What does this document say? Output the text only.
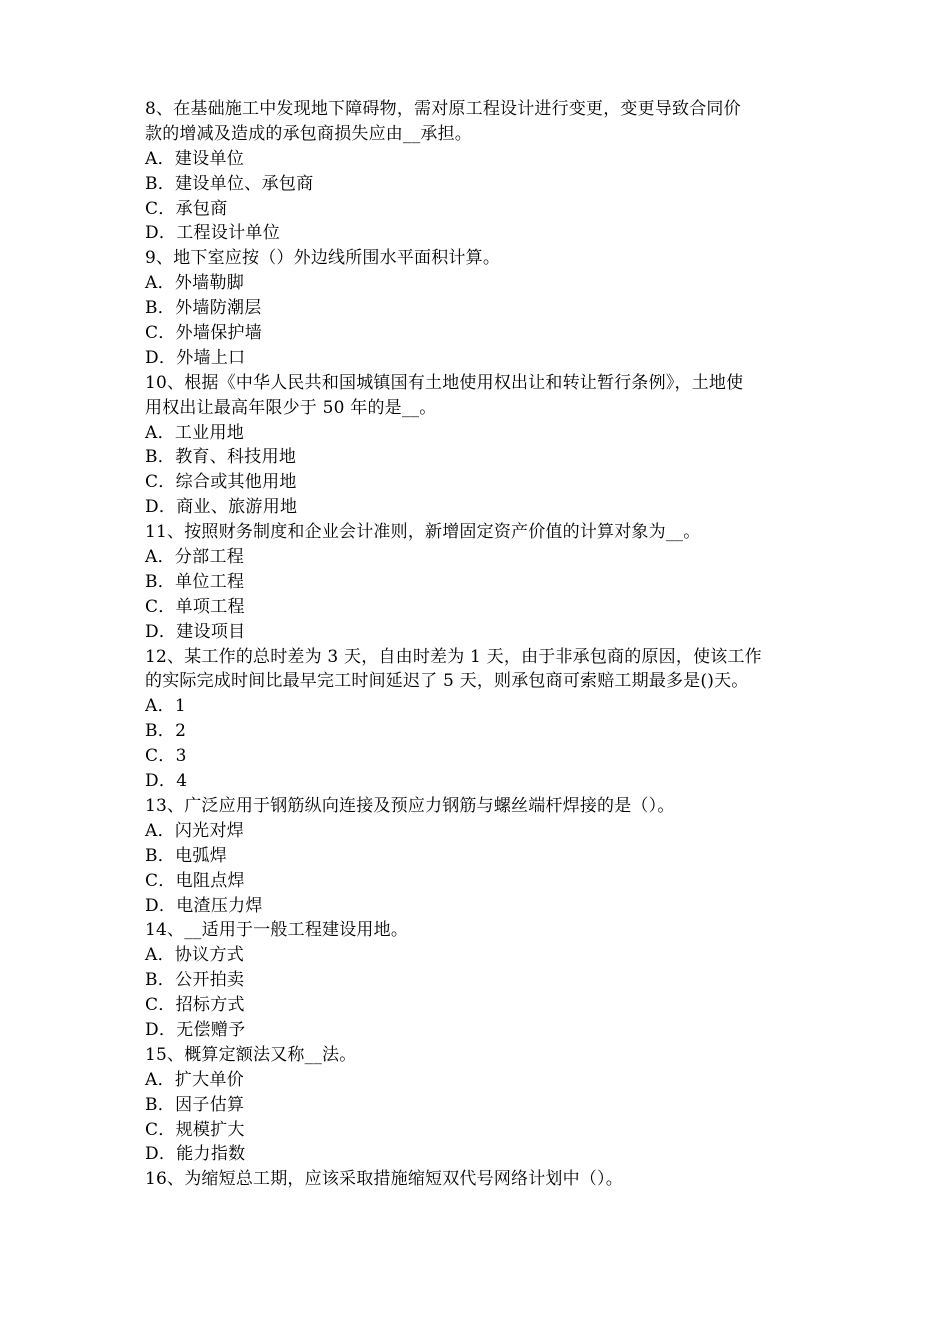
8、在基础施工中发现地下障碍物，需对原工程设计进行变更，变更导致合同价
款的增减及造成的承包商损失应由__承担。
A．建设单位
B．建设单位、承包商
C．承包商
D．工程设计单位
9、地下室应按（）外边线所围水平面积计算。
A．外墙勒脚
B．外墙防潮层
C．外墙保护墙
D．外墙上口
10、根据《中华人民共和国城镇国有土地使用权出让和转让暂行条例》，土地使
用权出让最高年限少于 50 年的是__。
A．工业用地
B．教育、科技用地
C．综合或其他用地
D．商业、旅游用地
11、按照财务制度和企业会计准则，新增固定资产价值的计算对象为__。
A．分部工程
B．单位工程
C．单项工程
D．建设项目
12、某工作的总时差为 3 天，自由时差为 1 天，由于非承包商的原因，使该工作
的实际完成时间比最早完工时间延迟了 5 天，则承包商可索赔工期最多是()天。
A．1
B．2
C．3
D．4
13、广泛应用于钢筋纵向连接及预应力钢筋与螺丝端杆焊接的是（）。
A．闪光对焊
B．电弧焊
C．电阻点焊
D．电渣压力焊
14、__适用于一般工程建设用地。
A．协议方式
B．公开拍卖
C．招标方式
D．无偿赠予
15、概算定额法又称__法。
A．扩大单价
B．因子估算
C．规模扩大
D．能力指数
16、为缩短总工期，应该采取措施缩短双代号网络计划中（）。
